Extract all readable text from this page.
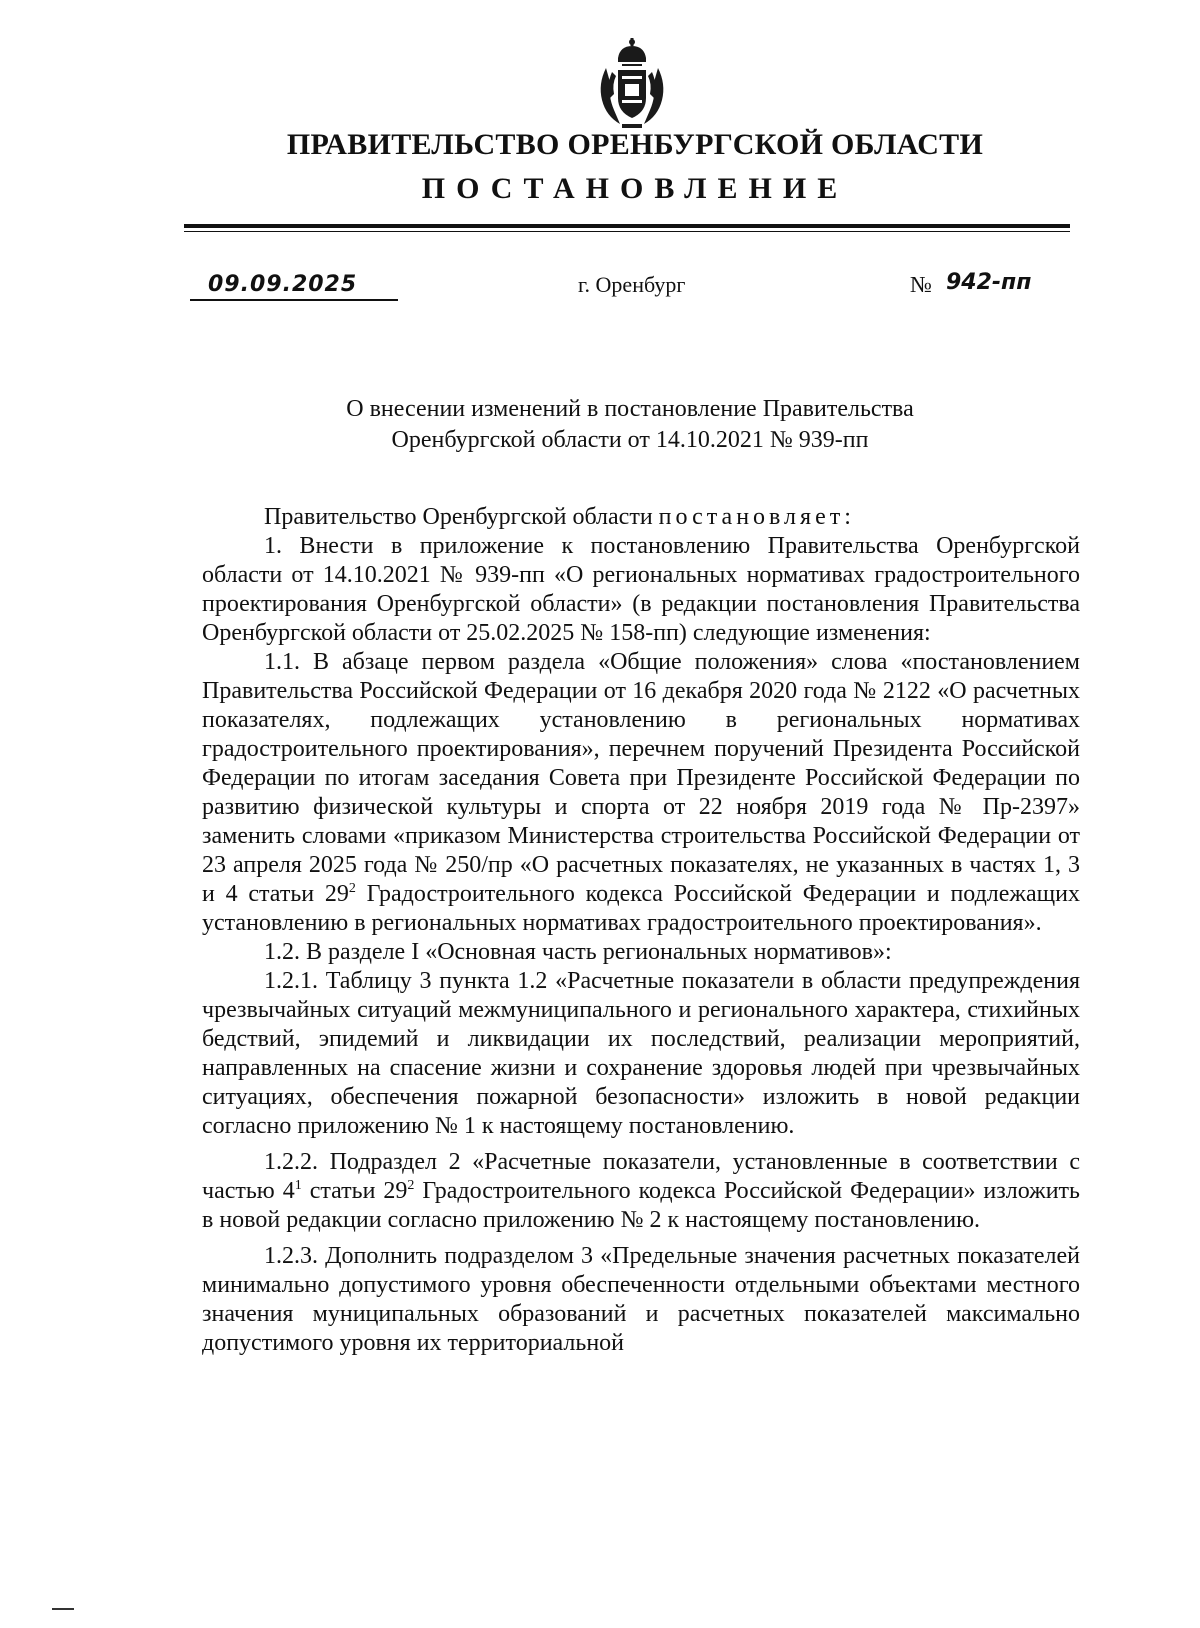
ПРАВИТЕЛЬСТВО ОРЕНБУРГСКОЙ ОБЛАСТИ
ПОСТАНОВЛЕНИЕ
09.09.2025	г. Оренбург	№ 942-пп

О внесении изменений в постановление Правительства
Оренбургской области от 14.10.2021 № 939-пп

Правительство Оренбургской области постановляет:

1. Внести в приложение к постановлению Правительства Оренбургской области от 14.10.2021 № 939-пп «О региональных нормативах градостроительного проектирования Оренбургской области» (в редакции постановления Правительства Оренбургской области от 25.02.2025 № 158-пп) следующие изменения:

1.1. В абзаце первом раздела «Общие положения» слова «постановлением Правительства Российской Федерации от 16 декабря 2020 года № 2122 «О расчетных показателях, подлежащих установлению в региональных нормативах градостроительного проектирования», перечнем поручений Президента Российской Федерации по итогам заседания Совета при Президенте Российской Федерации по развитию физической культуры и спорта от 22 ноября 2019 года № Пр-2397» заменить словами «приказом Министерства строительства Российской Федерации от 23 апреля 2025 года № 250/пр «О расчетных показателях, не указанных в частях 1, 3 и 4 статьи $29^2$ Градостроительного кодекса Российской Федерации и подлежащих установлению в региональных нормативах градостроительного проектирования».

1.2. В разделе I «Основная часть региональных нормативов»:

1.2.1. Таблицу 3 пункта 1.2 «Расчетные показатели в области предупреждения чрезвычайных ситуаций межмуниципального и регионального характера, стихийных бедствий, эпидемий и ликвидации их последствий, реализации мероприятий, направленных на спасение жизни и сохранение здоровья людей при чрезвычайных ситуациях, обеспечения пожарной безопасности» изложить в новой редакции согласно приложению № 1 к настоящему постановлению.

1.2.2. Подраздел 2 «Расчетные показатели, установленные в соответствии с частью $4^1$ статьи $29^2$ Градостроительного кодекса Российской Федерации» изложить в новой редакции согласно приложению № 2 к настоящему постановлению.

1.2.3. Дополнить подразделом 3 «Предельные значения расчетных показателей минимально допустимого уровня обеспеченности отдельными объектами местного значения муниципальных образований и расчетных показателей максимально допустимого уровня их территориальной
